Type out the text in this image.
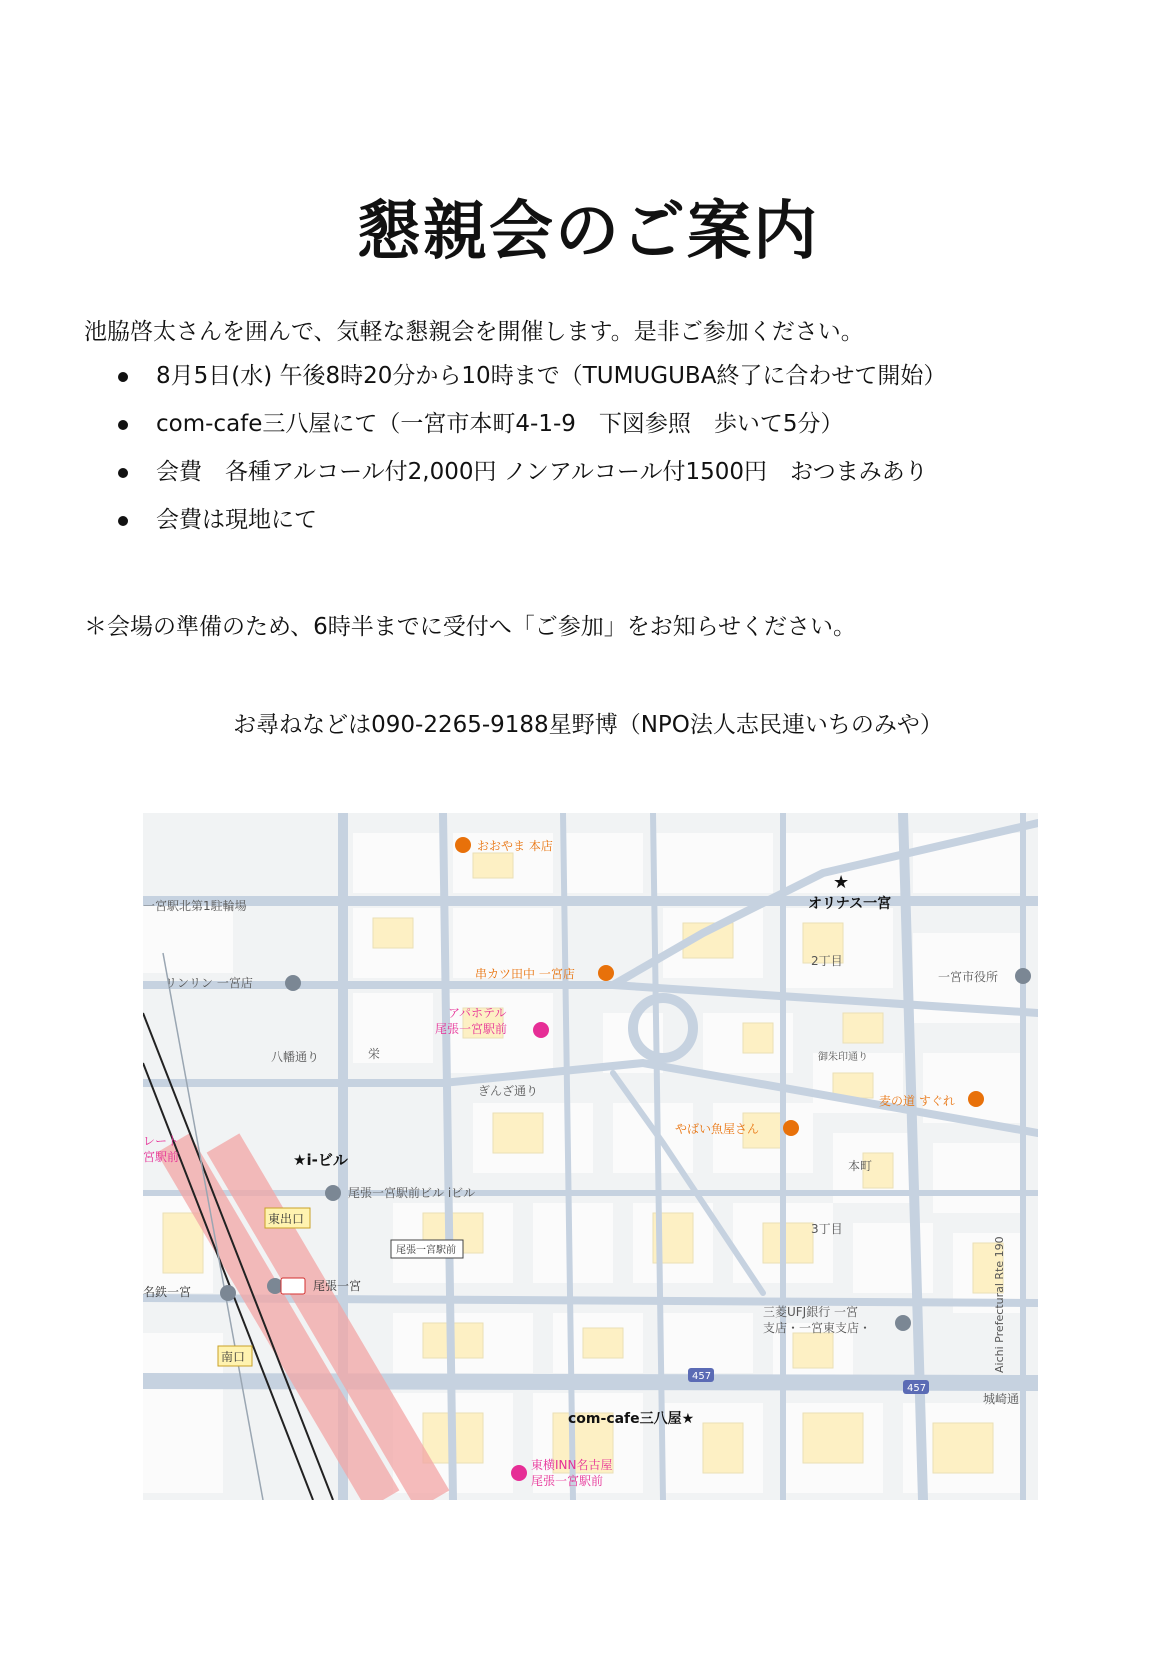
懇親会のご案内
池脇啓太さんを囲んで、気軽な懇親会を開催します。是非ご参加ください。
8月5日(水) 午後8時20分から10時まで（TUMUGUBA終了に合わせて開始）
com-cafe三八屋にて（一宮市本町4-1-9　下図参照　歩いて5分）
会費　各種アルコール付2,000円 ノンアルコール付1500円　おつまみあり
会費は現地にて
＊会場の準備のため、6時半までに受付へ「ご参加」をお知らせください。
お尋ねなどは090-2265-9188星野博（NPO法人志民連いちのみや）
おおやま 本店
★
オリナス一宮
一宮駅北第1駐輪場
リンリン 一宮店
串カツ田中 一宮店
アパホテル
尾張一宮駅前
一宮市役所
栄
八幡通り
ぎんざ通り
御朱印通り
麦の道 すぐれ
やばい魚屋さん
★i-ビル
尾張一宮駅前ビル iビル
東出口
尾張一宮駅前
名鉄一宮	尾張一宮
南口
本町
2丁目
3丁目
三菱UFJ銀行 一宮
支店・一宮東支店・	Aichi Prefectural Rte 190
457
457
城崎通
com-cafe三八屋★
東横INN名古屋
尾張一宮駅前
レート
宮駅前
